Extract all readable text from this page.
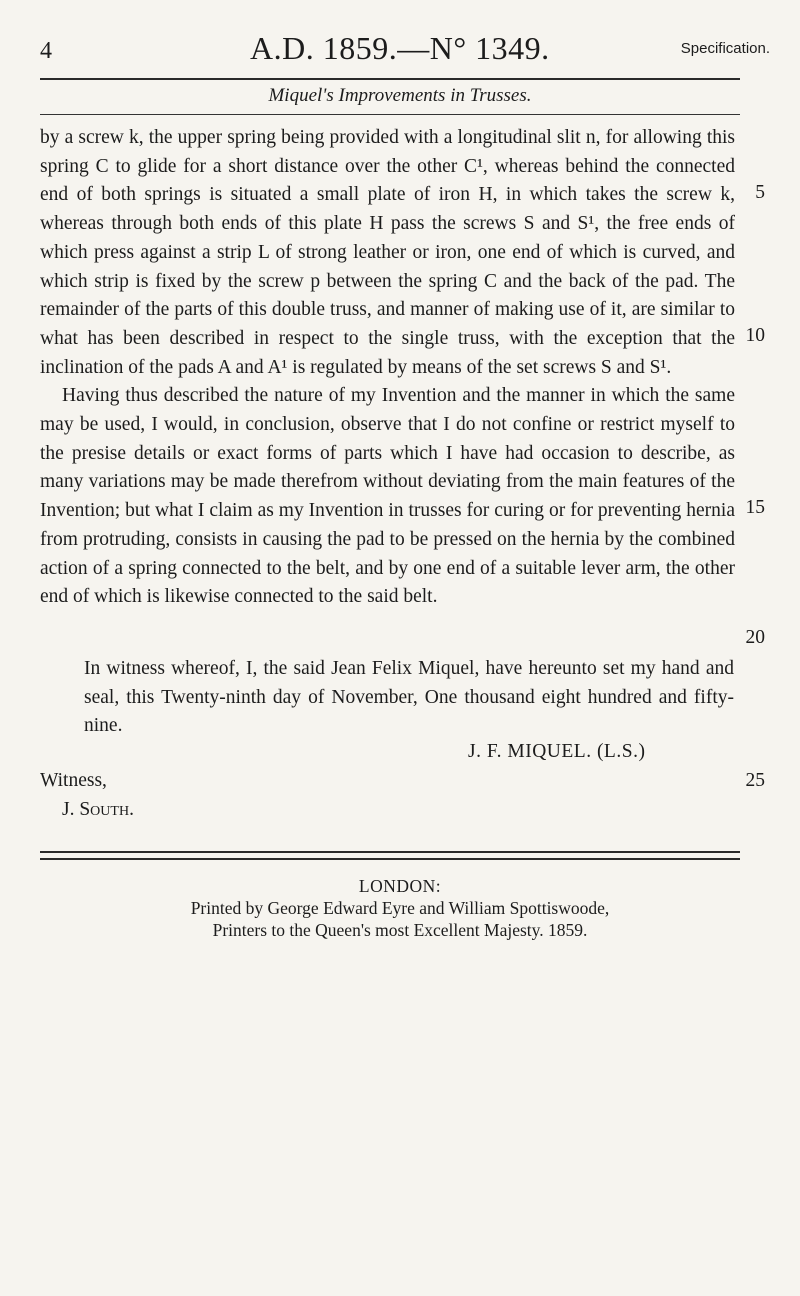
4	A.D. 1859.—N° 1349.	Specification.
Miquel's Improvements in Trusses.

by a screw k, the upper spring being provided with a longitudinal slit n, for allowing this spring C to glide for a short distance over the other C¹, whereas behind the connected end of both springs is situated a small plate of iron H, in which takes the screw k, whereas through both ends of this plate H pass the screws S and S¹, the free ends of which press against a strip L of strong leather or iron, one end of which is curved, and which strip is fixed by the screw p between the spring C and the back of the pad. The remainder of the parts of this double truss, and manner of making use of it, are similar to what has been described in respect to the single truss, with the exception that the inclination of the pads A and A¹ is regulated by means of the set screws S and S¹.

Having thus described the nature of my Invention and the manner in which the same may be used, I would, in conclusion, observe that I do not confine or restrict myself to the presise details or exact forms of parts which I have had occasion to describe, as many variations may be made therefrom without deviating from the main features of the Invention; but what I claim as my Invention in trusses for curing or for preventing hernia from protruding, consists in causing the pad to be pressed on the hernia by the combined action of a spring connected to the belt, and by one end of a suitable lever arm, the other end of which is likewise connected to the said belt.

In witness whereof, I, the said Jean Felix Miquel, have hereunto set my hand and seal, this Twenty-ninth day of November, One thousand eight hundred and fifty-nine.
5
10
15
20
25
J. F. MIQUEL. (L.S.)
Witness,
J. South.
LONDON:
Printed by George Edward Eyre and William Spottiswoode,
Printers to the Queen's most Excellent Majesty. 1859.
